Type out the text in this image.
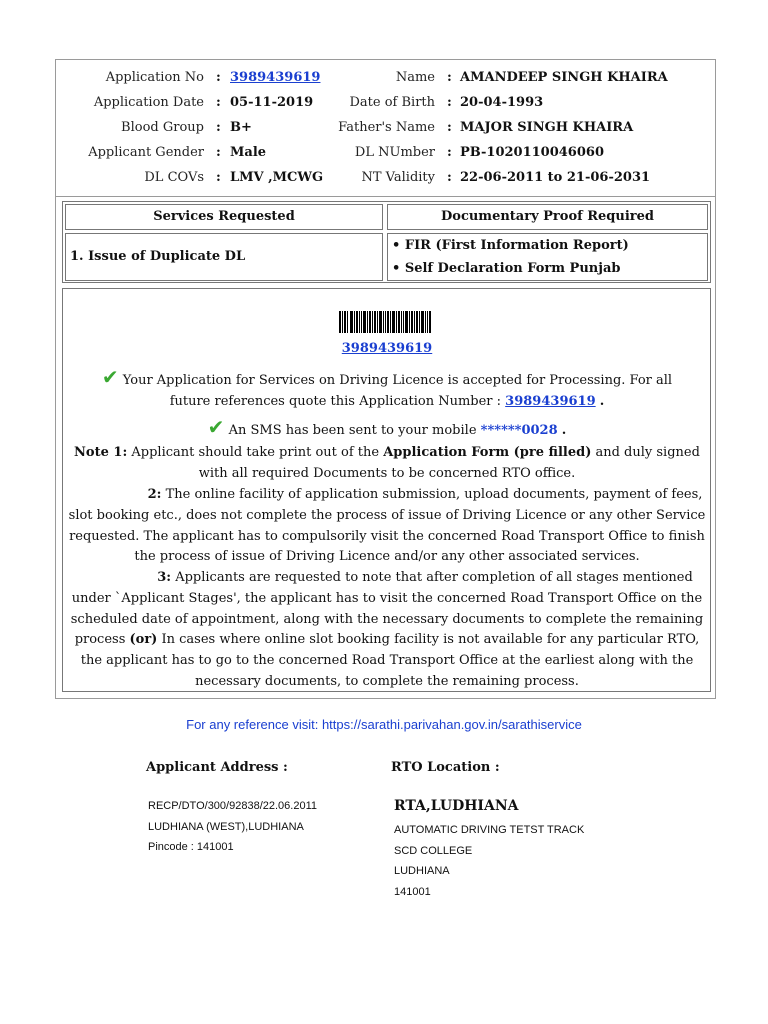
Application No : 3989439619	Name : AMANDEEP SINGH KHAIRA
Application Date : 05-11-2019	Date of Birth : 20-04-1993
Blood Group : B+	Father's Name : MAJOR SINGH KHAIRA
Applicant Gender : Male	DL NUmber : PB-1020110046060
DL COVs : LMV ,MCWG	NT Validity : 22-06-2011 to 21-06-2031
Services Requested	Documentary Proof Required
1. Issue of Duplicate DL
• FIR (First Information Report)
• Self Declaration Form Punjab
3989439619
✔ Your Application for Services on Driving Licence is accepted for Processing. For all future references quote this Application Number : 3989439619 .
✔ An SMS has been sent to your mobile ******0028 .
Note 1: Applicant should take print out of the Application Form (pre filled) and duly signed with all required Documents to be concerned RTO office.
2: The online facility of application submission, upload documents, payment of fees, slot booking etc., does not complete the process of issue of Driving Licence or any other Service requested. The applicant has to compulsorily visit the concerned Road Transport Office to finish the process of issue of Driving Licence and/or any other associated services.
3: Applicants are requested to note that after completion of all stages mentioned under `Applicant Stages', the applicant has to visit the concerned Road Transport Office on the scheduled date of appointment, along with the necessary documents to complete the remaining process (or) In cases where online slot booking facility is not available for any particular RTO, the applicant has to go to the concerned Road Transport Office at the earliest along with the necessary documents, to complete the remaining process.
For any reference visit: https://sarathi.parivahan.gov.in/sarathiservice
Applicant Address :
RECP/DTO/300/92838/22.06.2011
LUDHIANA (WEST),LUDHIANA
Pincode : 141001
RTO Location :
RTA,LUDHIANA
AUTOMATIC DRIVING TETST TRACK
SCD COLLEGE
LUDHIANA
141001
